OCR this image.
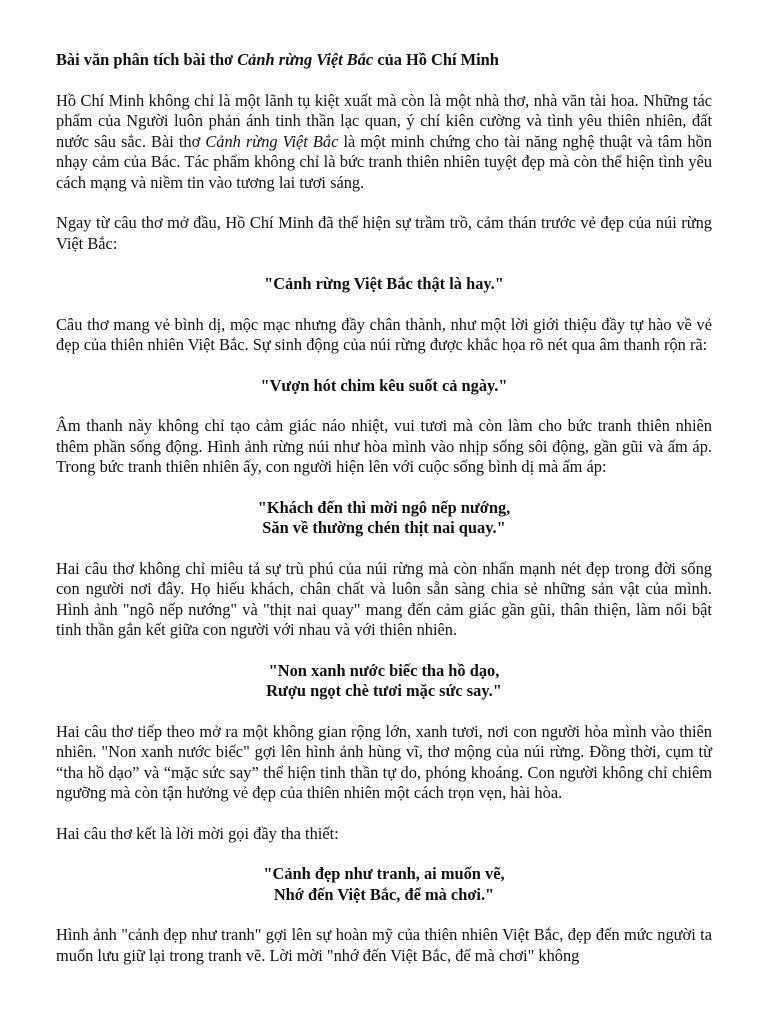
Bài văn phân tích bài thơ Cảnh rừng Việt Bắc của Hồ Chí Minh

Hồ Chí Minh không chỉ là một lãnh tụ kiệt xuất mà còn là một nhà thơ, nhà văn tài hoa. Những tác phẩm của Người luôn phản ánh tinh thần lạc quan, ý chí kiên cường và tình yêu thiên nhiên, đất nước sâu sắc. Bài thơ Cảnh rừng Việt Bắc là một minh chứng cho tài năng nghệ thuật và tâm hồn nhạy cảm của Bác. Tác phẩm không chỉ là bức tranh thiên nhiên tuyệt đẹp mà còn thể hiện tình yêu cách mạng và niềm tin vào tương lai tươi sáng.

Ngay từ câu thơ mở đầu, Hồ Chí Minh đã thể hiện sự trầm trồ, cảm thán trước vẻ đẹp của núi rừng Việt Bắc:

"Cảnh rừng Việt Bắc thật là hay."

Câu thơ mang vẻ bình dị, mộc mạc nhưng đầy chân thành, như một lời giới thiệu đầy tự hào về vẻ đẹp của thiên nhiên Việt Bắc. Sự sinh động của núi rừng được khắc họa rõ nét qua âm thanh rộn rã:

"Vượn hót chim kêu suốt cả ngày."

Âm thanh này không chỉ tạo cảm giác náo nhiệt, vui tươi mà còn làm cho bức tranh thiên nhiên thêm phần sống động. Hình ảnh rừng núi như hòa mình vào nhịp sống sôi động, gần gũi và ấm áp. Trong bức tranh thiên nhiên ấy, con người hiện lên với cuộc sống bình dị mà ấm áp:

"Khách đến thì mời ngô nếp nướng,
Săn về thường chén thịt nai quay."

Hai câu thơ không chỉ miêu tả sự trù phú của núi rừng mà còn nhấn mạnh nét đẹp trong đời sống con người nơi đây. Họ hiếu khách, chân chất và luôn sẵn sàng chia sẻ những sản vật của mình. Hình ảnh "ngô nếp nướng" và "thịt nai quay" mang đến cảm giác gần gũi, thân thiện, làm nổi bật tinh thần gắn kết giữa con người với nhau và với thiên nhiên.

"Non xanh nước biếc tha hồ dạo,
Rượu ngọt chè tươi mặc sức say."

Hai câu thơ tiếp theo mở ra một không gian rộng lớn, xanh tươi, nơi con người hòa mình vào thiên nhiên. "Non xanh nước biếc" gợi lên hình ảnh hùng vĩ, thơ mộng của núi rừng. Đồng thời, cụm từ “tha hồ dạo” và “mặc sức say” thể hiện tinh thần tự do, phóng khoáng. Con người không chỉ chiêm ngưỡng mà còn tận hưởng vẻ đẹp của thiên nhiên một cách trọn vẹn, hài hòa.

Hai câu thơ kết là lời mời gọi đầy tha thiết:

"Cảnh đẹp như tranh, ai muốn vẽ,
Nhớ đến Việt Bắc, để mà chơi."

Hình ảnh "cảnh đẹp như tranh" gợi lên sự hoàn mỹ của thiên nhiên Việt Bắc, đẹp đến mức người ta muốn lưu giữ lại trong tranh vẽ. Lời mời "nhớ đến Việt Bắc, để mà chơi" không
